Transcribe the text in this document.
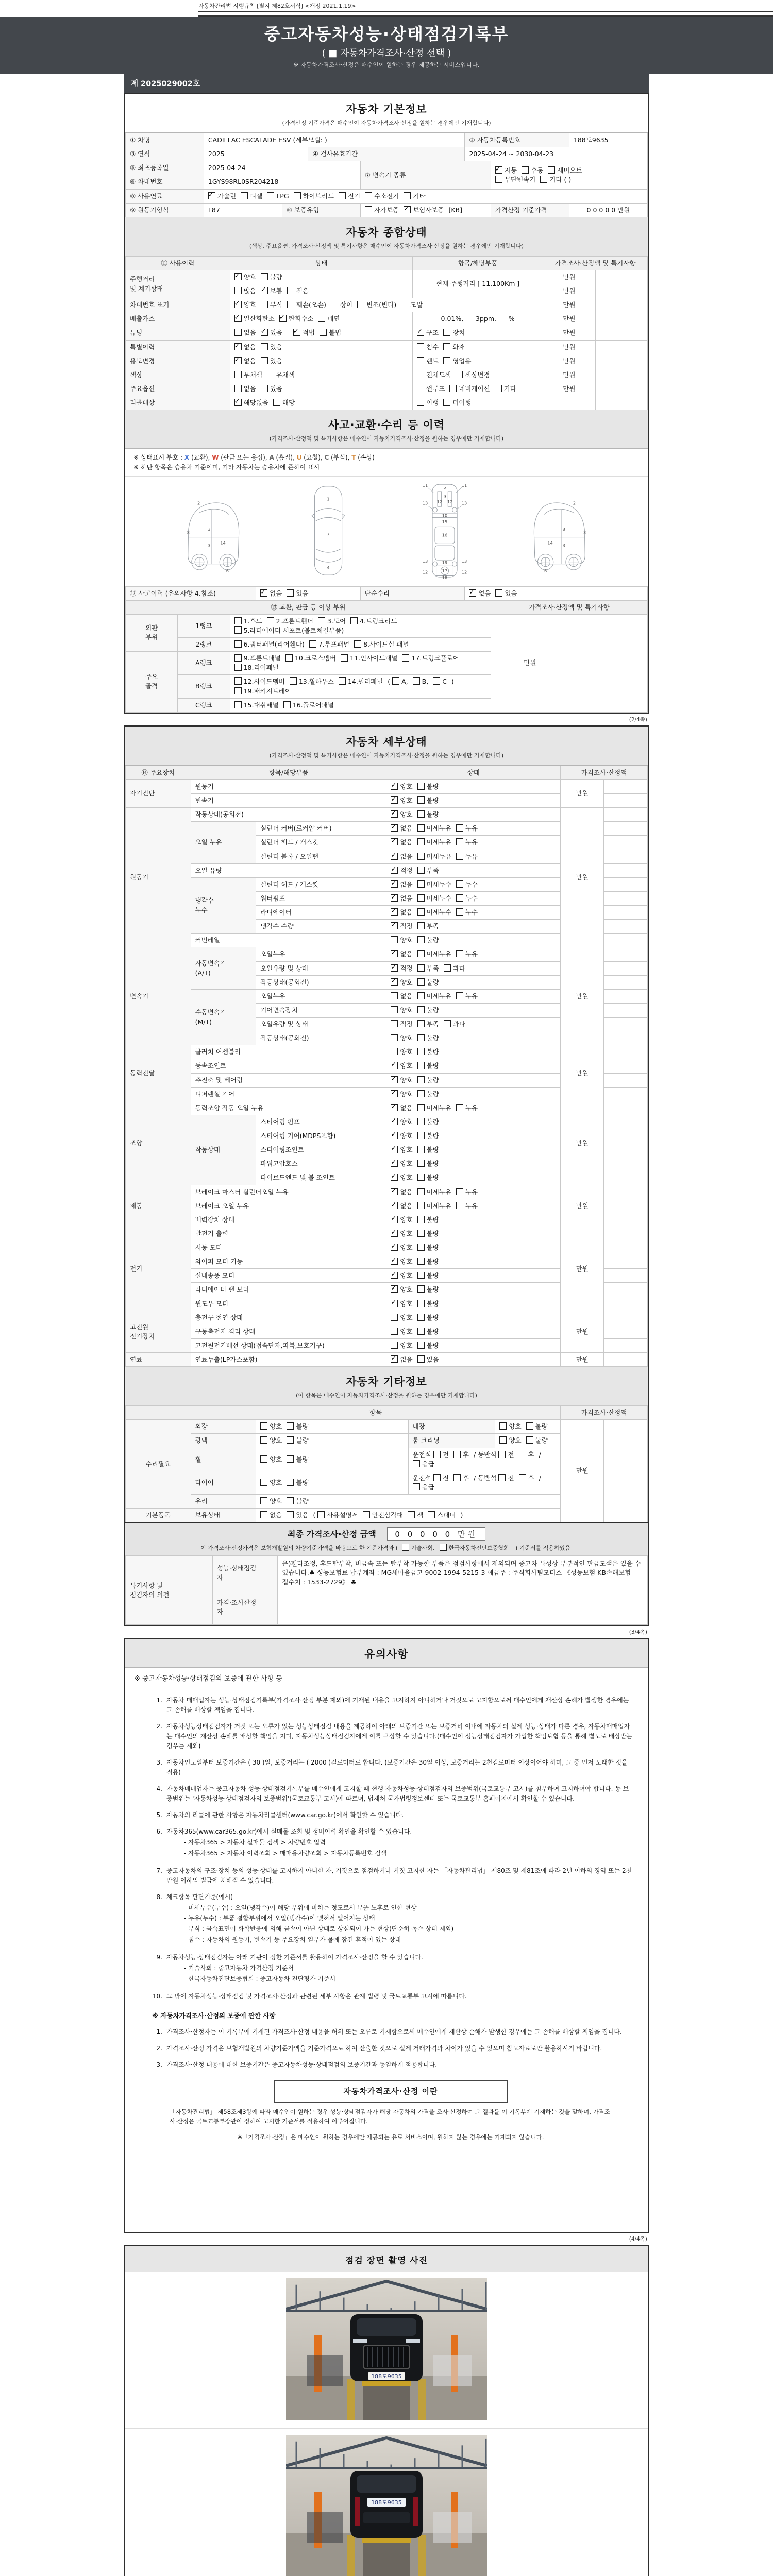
자동차관리법 시행규칙 [별지 제82호서식] <개정 2021.1.19>
중고자동차성능·상태점검기록부
( ■ 자동차가격조사·산정 선택 )
※ 자동차가격조사·산정은 매수인이 원하는 경우 제공하는 서비스입니다.
제 2025029002호
자동차 기본정보
(가격산정 기준가격은 매수인이 자동차가격조사·산정을 원하는 경우에만 기재합니다)
① 차명	CADILLAC ESCALADE ESV (세부모델: )				② 자동차등록번호		188도9635
③ 연식	2025		④ 검사유효기간		2025-04-24 ~ 2030-04-23		
⑤ 최초등록일	2025-04-24			⑦ 변속기 종류	✓자동 수동 세미오토
무단변속기 기타 ( )
⑥ 차대번호	1GYS98RL0SR204218						
⑧ 사용연료	✓가솔린 디젤 LPG 하이브리드 전기 수소전기 기타
⑨ 원동기형식	L87	⑩ 보증유형		자가보증 ✓ 보험사보증 [KB]		가격산정 기준가격	0 0 0 0 0 만원
자동차 종합상태
(색상, 주요옵션, 가격조사·산정액 및 특기사항은 매수인이 자동차가격조사·산정을 원하는 경우에만 기재합니다)
⑪ 사용이력	상태	항목/해당부품	가격조사·산정액 및 특기사항	
주행거리
및 계기상태	✓양호 불량	현재 주행거리 [ 11,100Km ]	만원	
	많음 ✓ 보통 적음		만원	
차대번호 표기	✓양호 부식 훼손(오손) 상이 변조(변타) 도말		만원	
배출가스	✓일산화탄소 ✓ 탄화수소 매연	0.01%,      3ppm,      %	만원	
튜닝	없음 ✓ 있음 ✓ 적법 불법	✓구조 장치	만원	
특별이력	✓없음 있음	침수 화재	만원	
용도변경	✓없음 있음	렌트 영업용	만원	
색상	무채색 유채색	전체도색 색상변경	만원	
주요옵션	없음 있음	썬루프 네비게이션 기타	만원	
리콜대상	✓해당없음 해당	이행 미이행		
사고·교환·수리 등 이력
(가격조사·산정액 및 특기사항은 매수인이 자동차가격조사·산정을 원하는 경우에만 기재합니다)
※ 상태표시 부호 : X (교환), W (판금 또는 용접), A (흠집), U (요철), C (부식), T (손상)
※ 하단 항목은 승용차 기준이며, 기타 자동차는 승용차에 준하여 표시
2
8
3
14
3
6
1
7
4
5
9
11	11
13	13
12 12
10
15
16
13 19 13
12 17 12
18
2
3
8
14
3
6
⑫ 사고이력 (유의사항 4.참조)	✓없음 있음	단순수리	✓없음 있음
⑬ 교환, 판금 등 이상 부위						가격조사·산정액 및 특기사항	
외판
부위	1랭크	1.후드 2.프론트휀더 3.도어 4.트렁크리드
5.라디에이터 서포트(볼트체결부품)				만원	
	2랭크	6.쿼터패널(리어휀다) 7.루프패널 8.사이드실 패널					
주요
골격	A랭크	9.프론트패널 10.크로스멤버 11.인사이드패널 17.트렁크플로어
18.리어패널					
	B랭크	12.사이드멤버 13.휠하우스 14.필러패널 ( A, B, C )
19.패키지트레이					
	C랭크	15.대쉬패널 16.플로어패널					
(2/4쪽)
자동차 세부상태
(가격조사·산정액 및 특기사항은 매수인이 자동차가격조사·산정을 원하는 경우에만 기재합니다)
⑭ 주요장치	항목/해당부품		상태	가격조사·산정액	
자기진단	원동기	✓양호 불량	만원	
	변속기	✓양호 불량	
원동기	작동상태(공회전)	✓양호 불량	만원	
	오일 누유	실린더 커버(로커암 커버)	✓없음 미세누유 누유	
		실린더 헤드 / 개스킷	✓없음 미세누유 누유	
		실린더 블록 / 오일팬	✓없음 미세누유 누유	
	오일 유량	✓적정 부족	
	냉각수
누수	실린더 헤드 / 개스킷	✓없음 미세누수 누수	
		워터펌프	✓없음 미세누수 누수	
		라디에이터	✓없음 미세누수 누수	
		냉각수 수량	✓적정 부족	
	커먼레일		양호 불량		
변속기	자동변속기
(A/T)	오일누유	✓없음 미세누유 누유	만원	
		오일유량 및 상태	✓적정 부족 과다	
		작동상태(공회전)	✓양호 불량	
	수동변속기
(M/T)	오일누유	없음 미세누유 누유		
		기어변속장치	양호 불량		
		오일유량 및 상태	적정 부족 과다		
		작동상태(공회전)	양호 불량		
동력전달	클러치 어셈블리		양호 불량	만원	
	등속조인트	✓양호 불량	
	추진축 및 베어링	✓양호 불량	
	디퍼렌셜 기어	✓양호 불량	
조향	동력조향 작동 오일 누유	✓없음 미세누유 누유	만원	
	작동상태	스티어링 펌프	✓양호 불량	
		스티어링 기어(MDPS포함)	✓양호 불량	
		스티어링조인트	✓양호 불량	
		파워고압호스	✓양호 불량	
		타이로드엔드 및 볼 조인트	✓양호 불량	
제동	브레이크 마스터 실린더오일 누유	✓없음 미세누유 누유	만원	
	브레이크 오일 누유	✓없음 미세누유 누유	
	배력장치 상태	✓양호 불량	
전기	발전기 출력	✓양호 불량	만원	
	시동 모터	✓양호 불량	
	와이퍼 모터 기능	✓양호 불량	
	실내송풍 모터	✓양호 불량	
	라디에이터 팬 모터	✓양호 불량	
	윈도우 모터	✓양호 불량	
고전원
전기장치	충전구 절연 상태		양호 불량	만원	
	구동축전지 격리 상태		양호 불량		
	고전원전기배선 상태(접속단자,피복,보호기구)		양호 불량		
연료	연료누출(LP가스포함)	✓없음 있음	만원	
자동차 기타정보
(이 항목은 매수인이 자동차가격조사·산정을 원하는 경우에만 기재합니다)
	항목				가격조사·산정액	
수리필요	외장	양호 불량	내장	양호 불량	만원	
	광택	양호 불량	룸 크리닝	양호 불량		
	휠	양호 불량	운전석 전 후 / 동반석 전 후 /응급			
	타이어	양호 불량	운전석 전 후 / 동반석 전 후 /응급			
	유리	양호 불량				
기본품목	보유상태	없음 있음 ( 사용설명서 안전삼각대 잭 스패너 )				
최종 가격조사·산정 금액 0 0 0 0 0 만원
이 가격조사·산정가격은 보험개발원의 차량기준가액을 바탕으로 한 기준가격과 ( 기술사회, 한국자동차진단보증협회 ) 기준서를 적용하였음
특기사항 및
점검자의 의견	성능·상태점검
자	운)휀다조정, 후드탈부착, 비금속 또는 탈부착 가능한 부품은 점검사항에서 제외되며 중고차 특성상 부분적인 판금도색은 있을 수 있습니다.♣ 성능보험료 납부계좌 : MG새마을금고 9002-1994-5215-3 예금주 : 주식회사팀모터스 《성능보험 KB손해보험 접수처 : 1533-2729》 ♣
	가격·조사산정
자	
(3/4쪽)
유의사항
※ 중고자동차성능·상태점검의 보증에 관한 사항 등
1. 자동차 매매업자는 성능·상태점검기록부(가격조사·산정 부분 제외)에 기재된 내용을 고지하지 아니하거나 거짓으로 고지함으로써 매수인에게 재산상 손해가 발생한 경우에는 그 손해를 배상할 책임을 집니다.
2. 자동차성능상태점검자가 거짓 또는 오류가 있는 성능상태점검 내용을 제공하여 아래의 보증기간 또는 보증거리 이내에 자동차의 실제 성능·상태가 다른 경우, 자동차매매업자는 매수인의 재산상 손해를 배상할 책임을 지며, 자동차성능상태점검자에게 이를 구상할 수 있습니다.(매수인이 성능상태점검자가 가입한 책임보험 등을 통해 별도로 배상받는 경우는 제외)
3. 자동차인도일부터 보증기간은 ( 30 )일, 보증거리는 ( 2000 )킬로미터로 합니다. (보증기간은 30일 이상, 보증거리는 2천킬로미터 이상이어야 하며, 그 중 먼저 도래한 것을 적용)
4. 자동차매매업자는 중고자동차 성능·상태점검기록부를 매수인에게 고지할 때 현행 자동차성능·상태점검자의 보증범위(국토교통부 고시)를 첨부하여 고지하여야 합니다. 동 보증범위는 '자동차성능·상태점검자의 보증범위'(국토교통부 고시)에 따르며, 법제처 국가법령정보센터 또는 국토교통부 홈페이지에서 확인할 수 있습니다.
5. 자동차의 리콜에 관한 사항은 자동차리콜센터(www.car.go.kr)에서 확인할 수 있습니다.
6. 자동차365(www.car365.go.kr)에서 실매물 조회 및 정비이력 확인을 확인할 수 있습니다.
- 자동차365 > 자동차 실매물 검색 > 차량번호 입력
- 자동차365 > 자동차 이력조회 > 매매용차량조회 > 자동차등록번호 검색
7. 중고자동차의 구조·장치 등의 성능·상태를 고지하지 아니한 자, 거짓으로 점검하거나 거짓 고지한 자는 「자동차관리법」 제80조 및 제81조에 따라 2년 이하의 징역 또는 2천만원 이하의 벌금에 처해질 수 있습니다.
8. 체크항목 판단기준(예시)
- 미세누유(누수) : 오일(냉각수)이 해당 부위에 비치는 정도로서 부품 노후로 인한 현상
- 누유(누수) : 부품 결합부위에서 오일(냉각수)이 맺혀서 떨어지는 상태
- 부식 : 금속표면이 화학반응에 의해 금속이 아닌 상태로 상실되어 가는 현상(단순히 녹슨 상태 제외)
- 침수 : 자동차의 원동기, 변속기 등 주요장치 일부가 물에 잠긴 흔적이 있는 상태
9. 자동차성능·상태점검자는 아래 기관이 정한 기준서를 활용하여 가격조사·산정을 할 수 있습니다.
- 기술사회 : 중고자동차 가격산정 기준서
- 한국자동차진단보증협회 : 중고자동차 진단평가 기준서
10. 그 밖에 자동차성능·상태점검 및 가격조사·산정과 관련된 세부 사항은 관계 법령 및 국토교통부 고시에 따릅니다.
※ 자동차가격조사·산정의 보증에 관한 사항
1. 가격조사·산정자는 이 기록부에 기재된 가격조사·산정 내용을 허위 또는 오류로 기재함으로써 매수인에게 재산상 손해가 발생한 경우에는 그 손해를 배상할 책임을 집니다.
2. 가격조사·산정 가격은 보험개발원의 차량기준가액을 기준가격으로 하여 산출한 것으로 실제 거래가격과 차이가 있을 수 있으며 참고자료로만 활용하시기 바랍니다.
3. 가격조사·산정 내용에 대한 보증기간은 중고자동차성능·상태점검의 보증기간과 동일하게 적용합니다.
자동차가격조사·산정 이란
「자동차관리법」 제58조제3항에 따라 매수인이 원하는 경우 성능·상태점검자가 해당 자동차의 가격을 조사·산정하여 그 결과를 이 기록부에 기재하는 것을 말하며, 가격조사·산정은 국토교통부장관이 정하여 고시한 기준서를 적용하여 이루어집니다.
※「가격조사·산정」은 매수인이 원하는 경우에만 제공되는 유료 서비스이며, 원하지 않는 경우에는 기재되지 않습니다.
(4/4쪽)
점검 장면 촬영 사진
188도9635
188도9635
